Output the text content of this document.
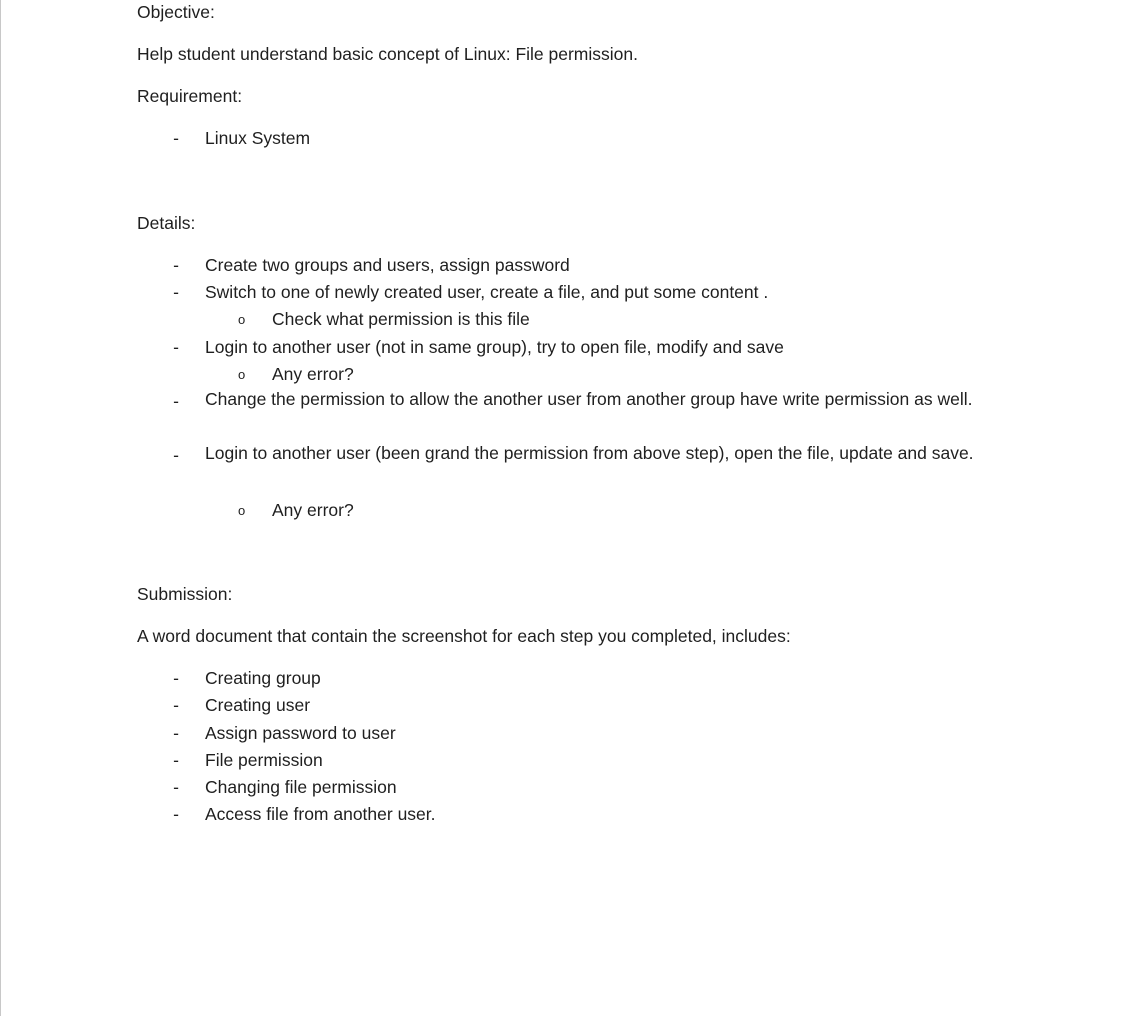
Objective:
Help student understand basic concept of Linux: File permission.
Requirement:
- Linux System
Details:
- Create two groups and users, assign password
- Switch to one of newly created user, create a file, and put some content .
o Check what permission is this file
- Login to another user (not in same group), try to open file, modify and save
o Any error?
- Change the permission to allow the another user from another group have write permission as well.
- Login to another user (been grand the permission from above step), open the file, update and save.
o Any error?
Submission:
A word document that contain the screenshot for each step you completed, includes:
- Creating group
- Creating user
- Assign password to user
- File permission
- Changing file permission
- Access file from another user.
